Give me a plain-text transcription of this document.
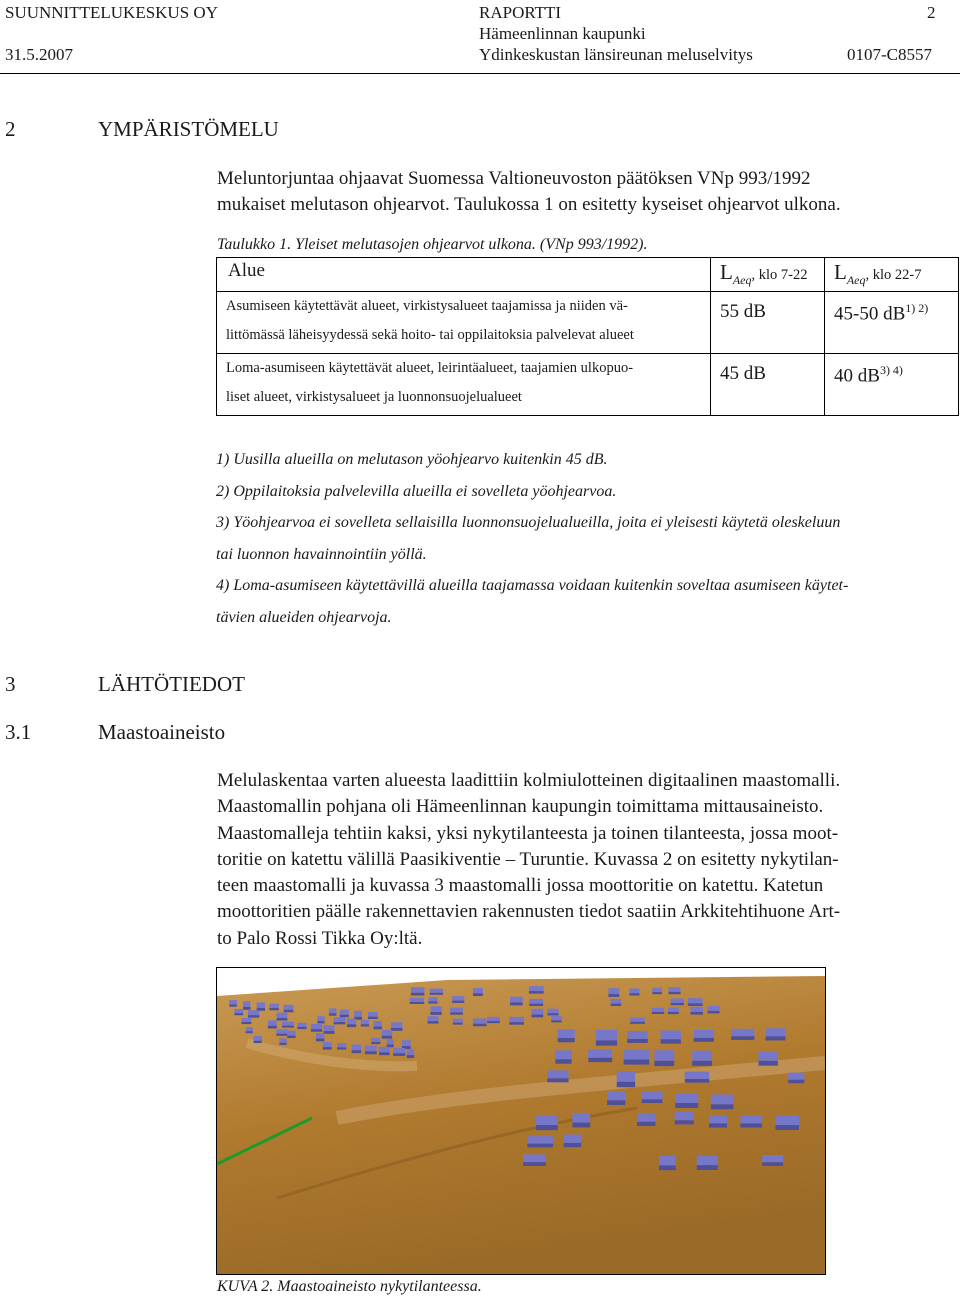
SUUNNITTELUKESKUS OY
31.5.2007
RAPORTTI
Hämeenlinnan kaupunki
Ydinkeskustan länsireunan meluselvitys
2
0107-C8557
2	YMPÄRISTÖMELU
Meluntorjuntaa ohjaavat Suomessa Valtioneuvoston päätöksen VNp 993/1992
mukaiset melutason ohjearvot. Taulukossa 1 on esitetty kyseiset ohjearvot ulkona.
Taulukko 1. Yleiset melutasojen ohjearvot ulkona. (VNp 993/1992).
Alue	$L_{Aeq}$, klo 7-22	$L_{Aeq}$, klo 22-7

Asumiseen käytettävät alueet, virkistysalueet taajamissa ja niiden vä-
littömässä läheisyydessä sekä hoito- tai oppilaitoksia palvelevat alueet	55 dB	45-50 $dB^{1) 2)}$

Loma-asumiseen käytettävät alueet, leirintäalueet, taajamien ulkopuo-
liset alueet, virkistysalueet ja luonnonsuojelualueet	45 dB	40 $dB^{3) 4)}$
1) Uusilla alueilla on melutason yöohjearvo kuitenkin 45 dB.
2) Oppilaitoksia palvelevilla alueilla ei sovelleta yöohjearvoa.
3) Yöohjearvoa ei sovelleta sellaisilla luonnonsuojelualueilla, joita ei yleisesti käytetä oleskeluun
tai luonnon havainnointiin yöllä.
4) Loma-asumiseen käytettävillä alueilla taajamassa voidaan kuitenkin soveltaa asumiseen käytet-
tävien alueiden ohjearvoja.
3	LÄHTÖTIEDOT
3.1	Maastoaineisto
Melulaskentaa varten alueesta laadittiin kolmiulotteinen digitaalinen maastomalli.
Maastomallin pohjana oli Hämeenlinnan kaupungin toimittama mittausaineisto.
Maastomalleja tehtiin kaksi, yksi nykytilanteesta ja toinen tilanteesta, jossa moot-
toritie on katettu välillä Paasikiventie – Turuntie. Kuvassa 2 on esitetty nykytilan-
teen maastomalli ja kuvassa 3 maastomalli jossa moottoritie on katettu. Katetun
moottoritien päälle rakennettavien rakennusten tiedot saatiin Arkkitehtihuone Art-
to Palo Rossi Tikka Oy:ltä.
KUVA 2. Maastoaineisto nykytilanteessa.
